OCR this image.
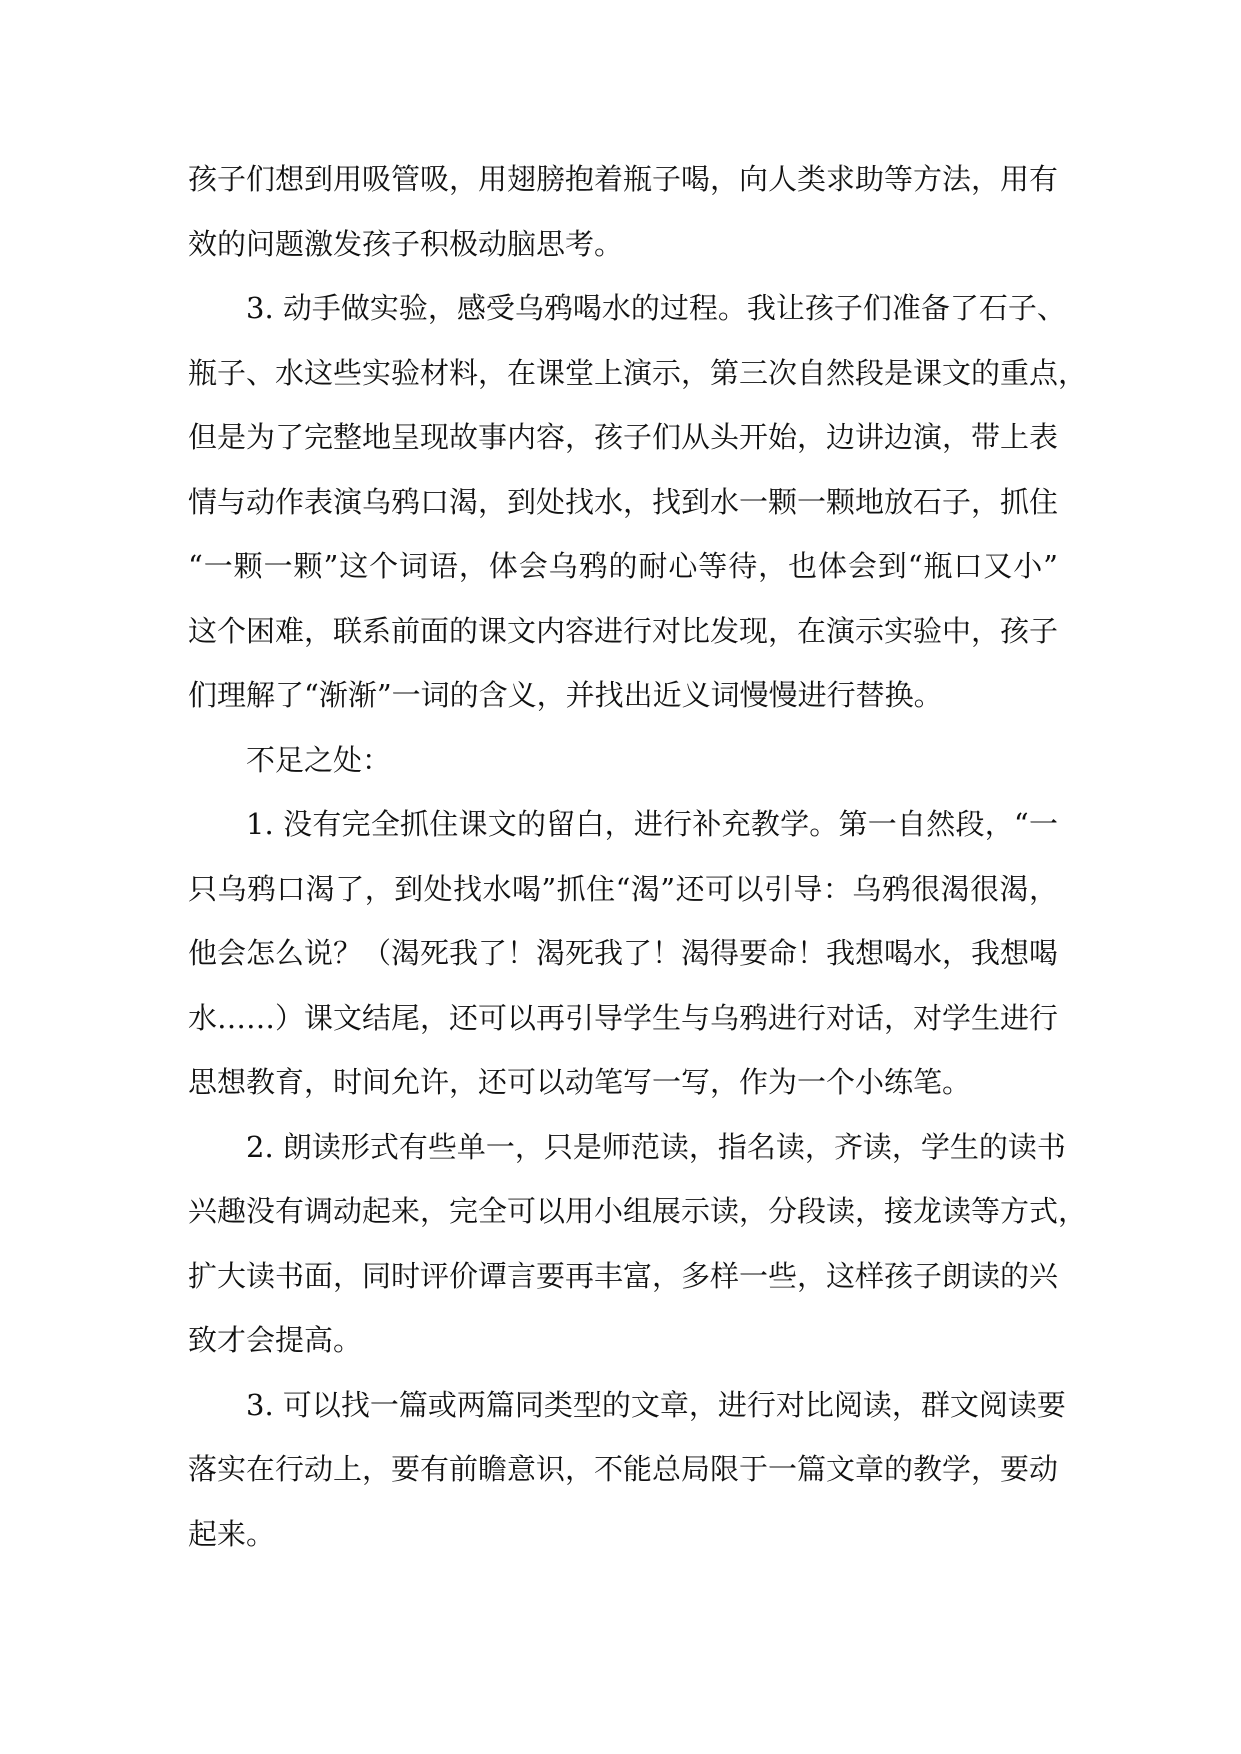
孩子们想到用吸管吸，用翅膀抱着瓶子喝，向人类求助等方法，用有
效的问题激发孩子积极动脑思考。
3. 动手做实验，感受乌鸦喝水的过程。我让孩子们准备了石子、
瓶子、水这些实验材料，在课堂上演示，第三次自然段是课文的重点，
但是为了完整地呈现故事内容，孩子们从头开始，边讲边演，带上表
情与动作表演乌鸦口渴，到处找水，找到水一颗一颗地放石子，抓住
“一颗一颗”这个词语，体会乌鸦的耐心等待，也体会到“瓶口又小”
这个困难，联系前面的课文内容进行对比发现，在演示实验中，孩子
们理解了“渐渐”一词的含义，并找出近义词慢慢进行替换。
不足之处：
1. 没有完全抓住课文的留白，进行补充教学。第一自然段，“一
只乌鸦口渴了，到处找水喝”抓住“渴”还可以引导：乌鸦很渴很渴，
他会怎么说？（渴死我了！渴死我了！渴得要命！我想喝水，我想喝
水……）课文结尾，还可以再引导学生与乌鸦进行对话，对学生进行
思想教育，时间允许，还可以动笔写一写，作为一个小练笔。
2. 朗读形式有些单一，只是师范读，指名读，齐读，学生的读书
兴趣没有调动起来，完全可以用小组展示读，分段读，接龙读等方式，
扩大读书面，同时评价谭言要再丰富，多样一些，这样孩子朗读的兴
致才会提高。
3. 可以找一篇或两篇同类型的文章，进行对比阅读，群文阅读要
落实在行动上，要有前瞻意识，不能总局限于一篇文章的教学，要动
起来。
